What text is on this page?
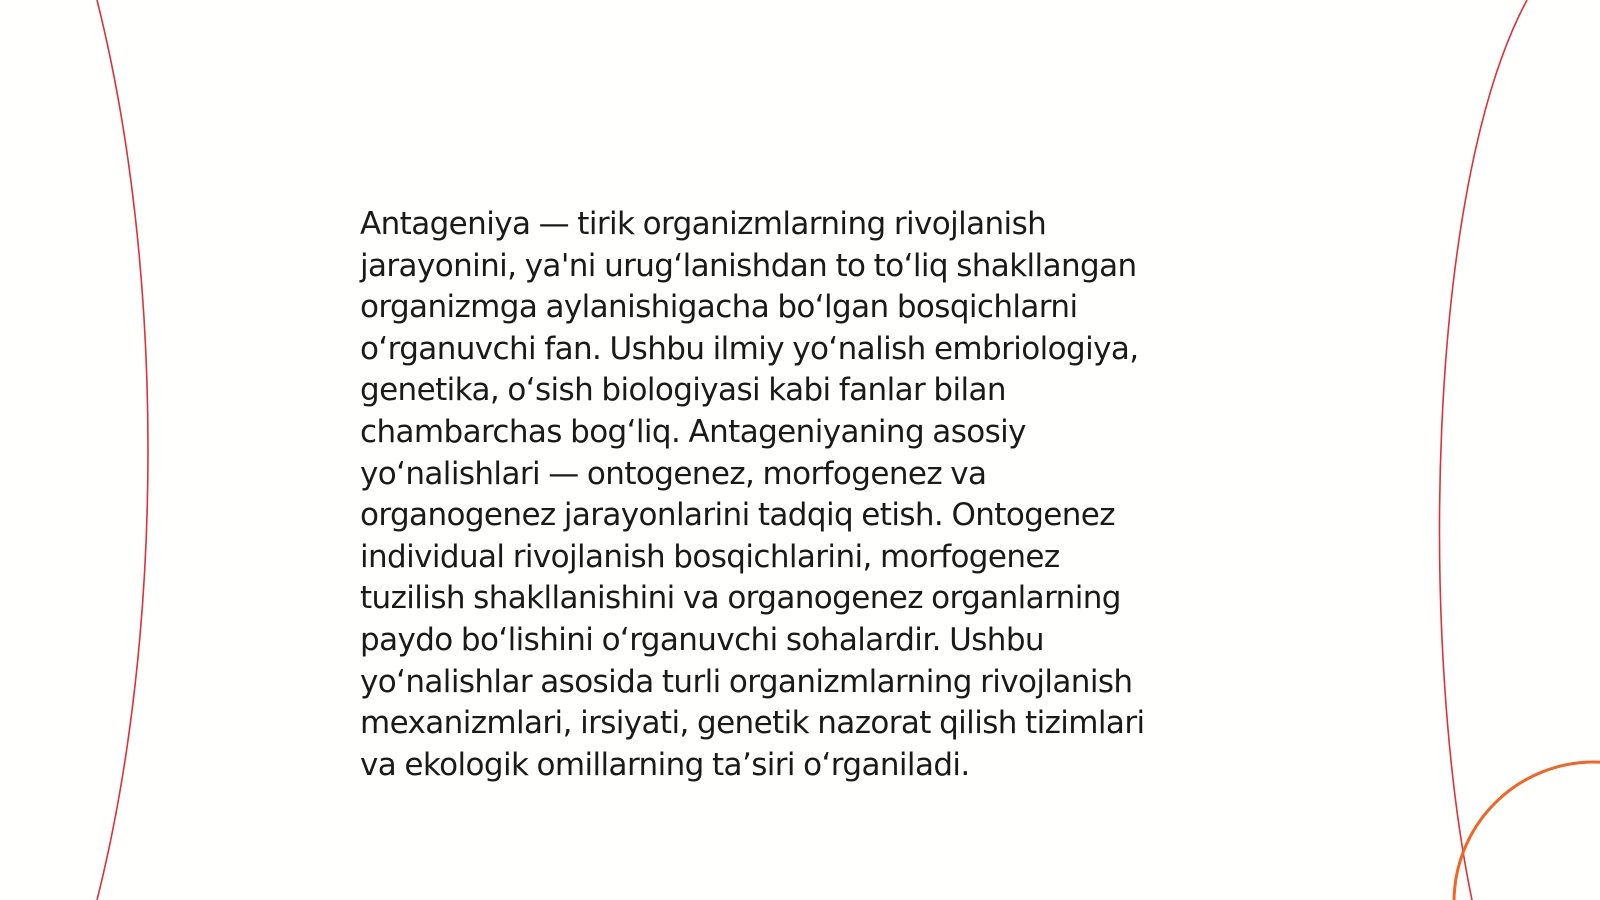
Antageniya — tirik organizmlarning rivojlanish
jarayonini, ya'ni urugʻlanishdan to toʻliq shakllangan
organizmga aylanishigacha boʻlgan bosqichlarni
oʻrganuvchi fan. Ushbu ilmiy yoʻnalish embriologiya,
genetika, oʻsish biologiyasi kabi fanlar bilan
chambarchas bogʻliq. Antageniyaning asosiy
yoʻnalishlari — ontogenez, morfogenez va
organogenez jarayonlarini tadqiq etish. Ontogenez
individual rivojlanish bosqichlarini, morfogenez
tuzilish shakllanishini va organogenez organlarning
paydo boʻlishini oʻrganuvchi sohalardir. Ushbu
yoʻnalishlar asosida turli organizmlarning rivojlanish
mexanizmlari, irsiyati, genetik nazorat qilish tizimlari
va ekologik omillarning taʼsiri oʻrganiladi.
